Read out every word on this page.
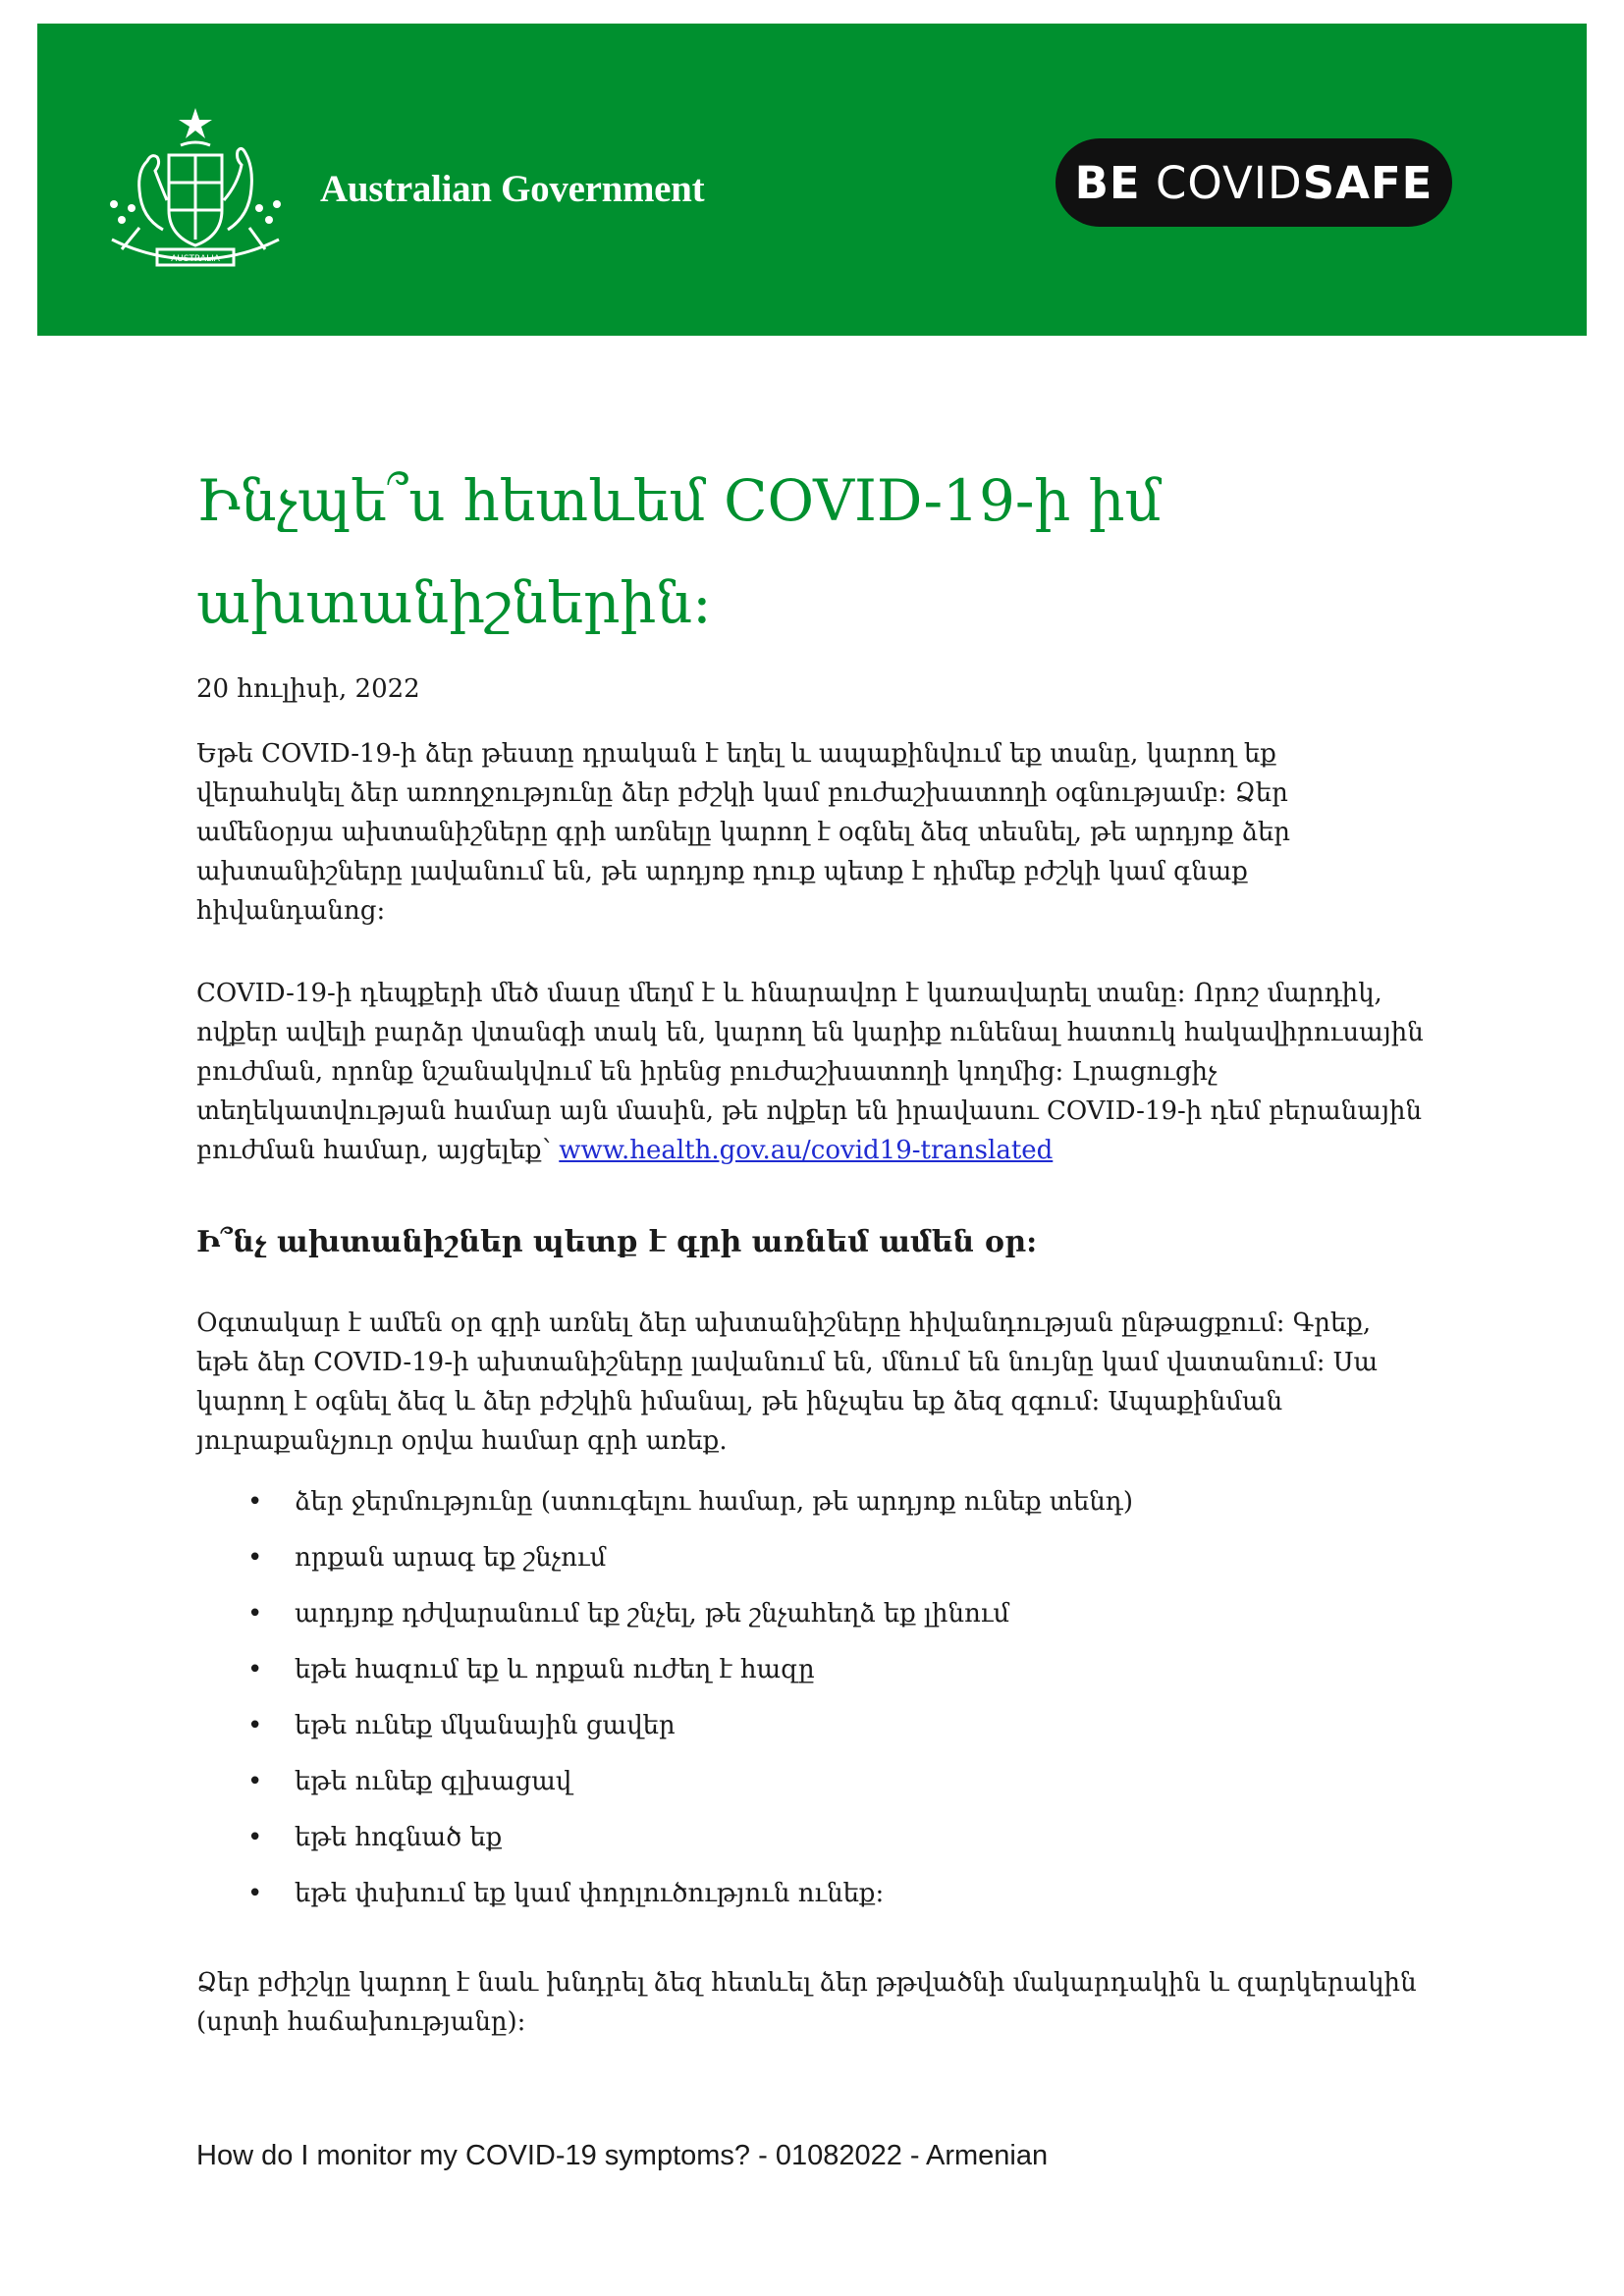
AUSTRALIA
Australian Government	BE
COVID SAFE
Ինչպե՞ս հետևեմ COVID-19-ի իմ ախտանիշներին:

20 հուլիսի, 2022

Եթե COVID-19-ի ձեր թեստը դրական է եղել և ապաքինվում եք տանը, կարող եք վերահսկել ձեր առողջությունը ձեր բժշկի կամ բուժաշխատողի օգնությամբ: Ձեր ամենօրյա ախտանիշները գրի առնելը կարող է օգնել ձեզ տեսնել, թե արդյոք ձեր ախտանիշները լավանում են, թե արդյոք դուք պետք է դիմեք բժշկի կամ գնաք հիվանդանոց:

COVID-19-ի դեպքերի մեծ մասը մեղմ է և հնարավոր է կառավարել տանը: Որոշ մարդիկ, ովքեր ավելի բարձր վտանգի տակ են, կարող են կարիք ունենալ հատուկ հակավիրուսային բուժման, որոնք նշանակվում են իրենց բուժաշխատողի կողմից: Լրացուցիչ տեղեկատվության համար այն մասին, թե ովքեր են իրավասու COVID-19-ի դեմ բերանային բուժման համար, այցելեք՝ www.health.gov.au/covid19-translated

Ի՞նչ ախտանիշներ պետք է գրի առնեմ ամեն օր:

Օգտակար է ամեն օր գրի առնել ձեր ախտանիշները հիվանդության ընթացքում: Գրեք, եթե ձեր COVID-19-ի ախտանիշները լավանում են, մնում են նույնը կամ վատանում: Սա կարող է օգնել ձեզ և ձեր բժշկին իմանալ, թե ինչպես եք ձեզ զգում: Ապաքինման յուրաքանչյուր օրվա համար գրի առեք.

• ձեր ջերմությունը (ստուգելու համար, թե արդյոք ունեք տենդ)
• որքան արագ եք շնչում
• արդյոք դժվարանում եք շնչել, թե շնչահեղձ եք լինում
• եթե հազում եք և որքան ուժեղ է հազը
• եթե ունեք մկանային ցավեր
• եթե ունեք գլխացավ
• եթե հոգնած եք
• եթե փսխում եք կամ փորլուծություն ունեք:

Ձեր բժիշկը կարող է նաև խնդրել ձեզ հետևել ձեր թթվածնի մակարդակին և զարկերակին (սրտի հաճախությանը):

How do I monitor my COVID-19 symptoms? - 01082022 - Armenian
